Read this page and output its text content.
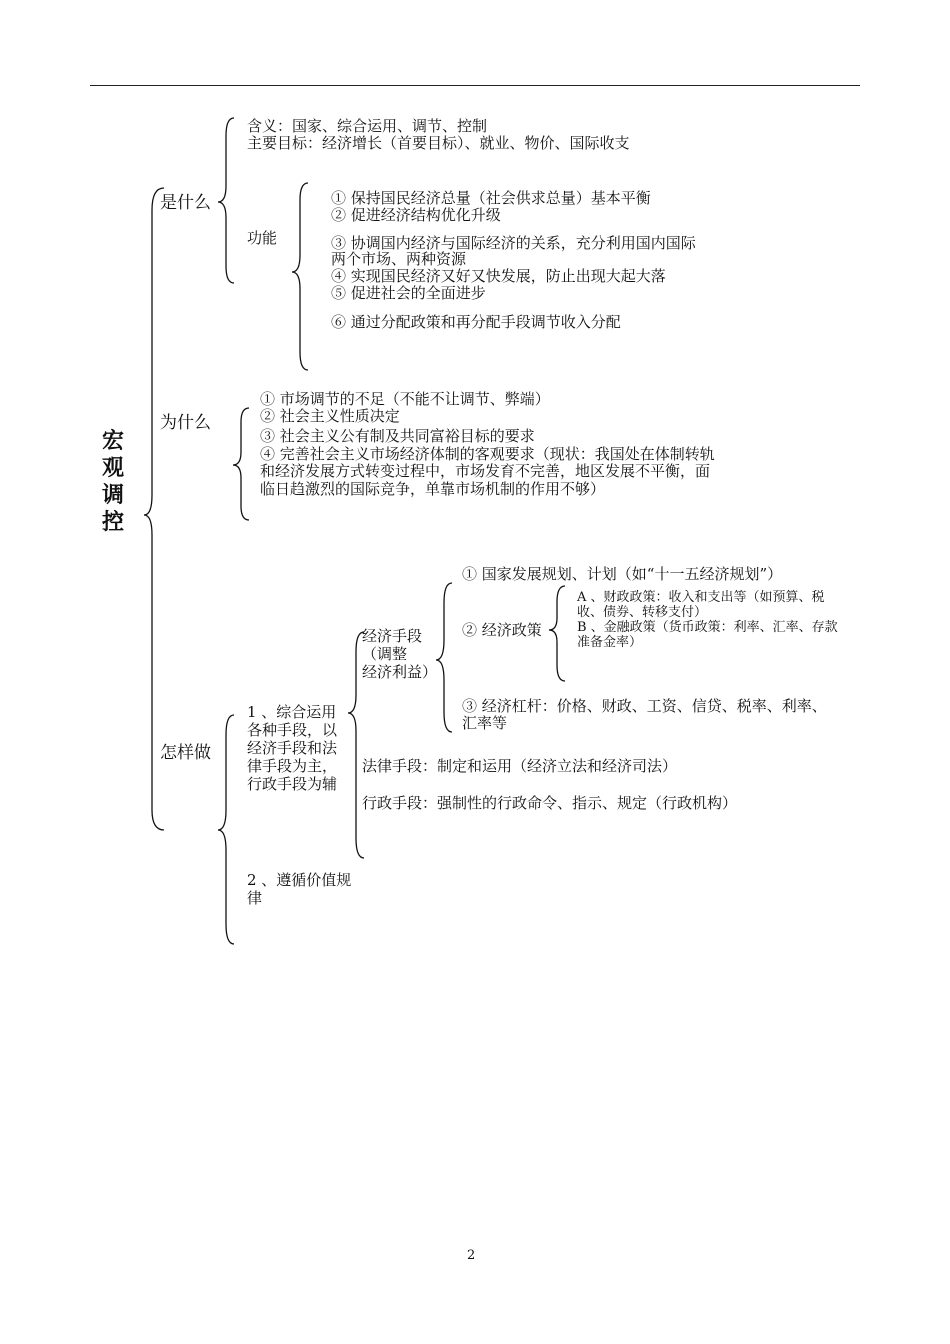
宏
观
调
控
是什么
含义：国家、综合运用、调节、控制
主要目标：经济增长（首要目标）、就业、物价、国际收支
功能
① 保持国民经济总量（社会供求总量）基本平衡
② 促进经济结构优化升级
③ 协调国内经济与国际经济的关系，充分利用国内国际
两个市场、两种资源
④ 实现国民经济又好又快发展，防止出现大起大落
⑤ 促进社会的全面进步
⑥ 通过分配政策和再分配手段调节收入分配
为什么
① 市场调节的不足（不能不让调节、弊端）
② 社会主义性质决定
③ 社会主义公有制及共同富裕目标的要求
④ 完善社会主义市场经济体制的客观要求（现状：我国处在体制转轨
和经济发展方式转变过程中，市场发育不完善，地区发展不平衡，面
临日趋激烈的国际竞争，单靠市场机制的作用不够）
怎样做
1 、综合运用
各种手段，以
经济手段和法
律手段为主，
行政手段为辅
经济手段
（调整
经济利益）
① 国家发展规划、计划（如“十一五经济规划”）
② 经济政策
A 、财政政策：收入和支出等（如预算、税
收、债券、转移支付）
B 、金融政策（货币政策：利率、汇率、存款
准备金率）
③ 经济杠杆：价格、财政、工资、信贷、税率、利率、
汇率等
法律手段：制定和运用（经济立法和经济司法）
行政手段：强制性的行政命令、指示、规定（行政机构）
2 、遵循价值规
律
2
